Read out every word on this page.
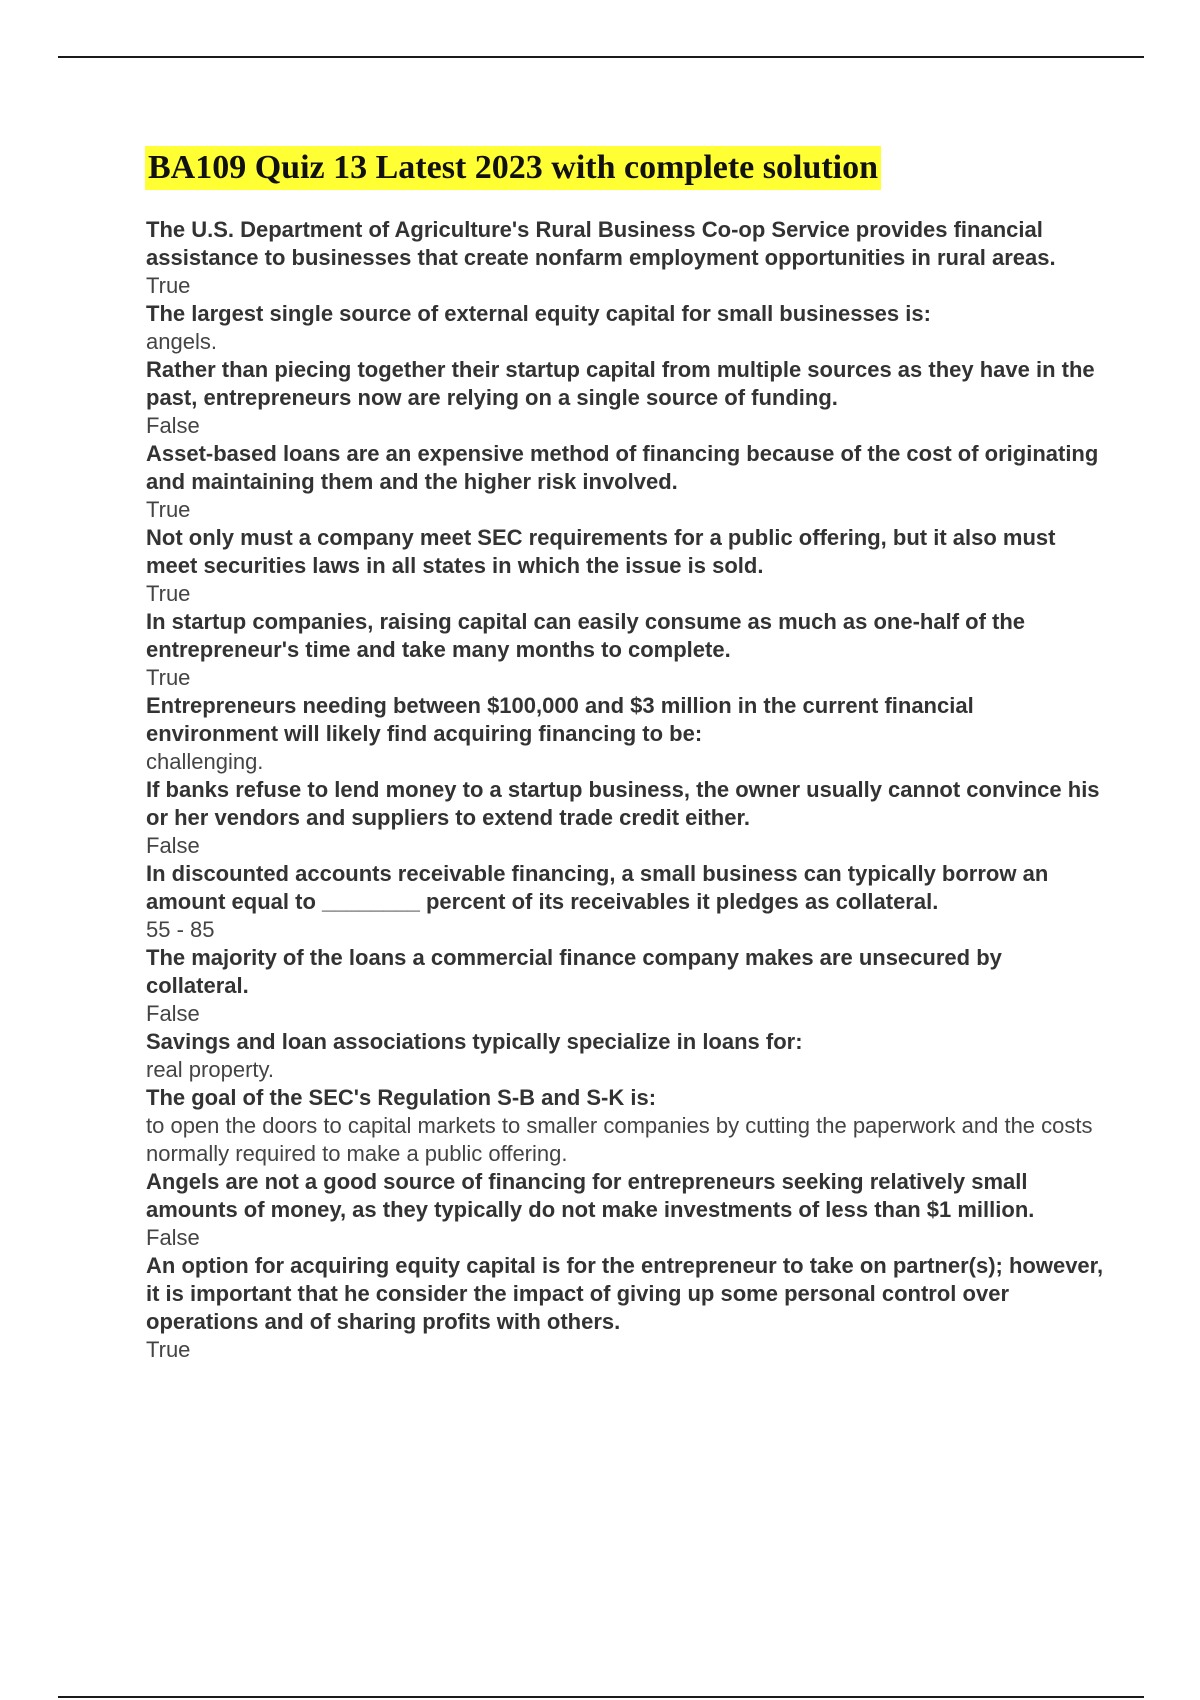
BA109 Quiz 13 Latest 2023 with complete solution

The U.S. Department of Agriculture's Rural Business Co-op Service provides financial assistance to businesses that create nonfarm employment opportunities in rural areas.

True

The largest single source of external equity capital for small businesses is:

angels.

Rather than piecing together their startup capital from multiple sources as they have in the past, entrepreneurs now are relying on a single source of funding.

False

Asset-based loans are an expensive method of financing because of the cost of originating and maintaining them and the higher risk involved.

True

Not only must a company meet SEC requirements for a public offering, but it also must meet securities laws in all states in which the issue is sold.

True

In startup companies, raising capital can easily consume as much as one-half of the entrepreneur's time and take many months to complete.

True

Entrepreneurs needing between $100,000 and $3 million in the current financial environment will likely find acquiring financing to be:

challenging.

If banks refuse to lend money to a startup business, the owner usually cannot convince his or her vendors and suppliers to extend trade credit either.

False

In discounted accounts receivable financing, a small business can typically borrow an amount equal to ________ percent of its receivables it pledges as collateral.

55 - 85

The majority of the loans a commercial finance company makes are unsecured by collateral.

False

Savings and loan associations typically specialize in loans for:

real property.

The goal of the SEC's Regulation S-B and S-K is:

to open the doors to capital markets to smaller companies by cutting the paperwork and the costs normally required to make a public offering.

Angels are not a good source of financing for entrepreneurs seeking relatively small amounts of money, as they typically do not make investments of less than $1 million.

False

An option for acquiring equity capital is for the entrepreneur to take on partner(s); however, it is important that he consider the impact of giving up some personal control over operations and of sharing profits with others.

True
